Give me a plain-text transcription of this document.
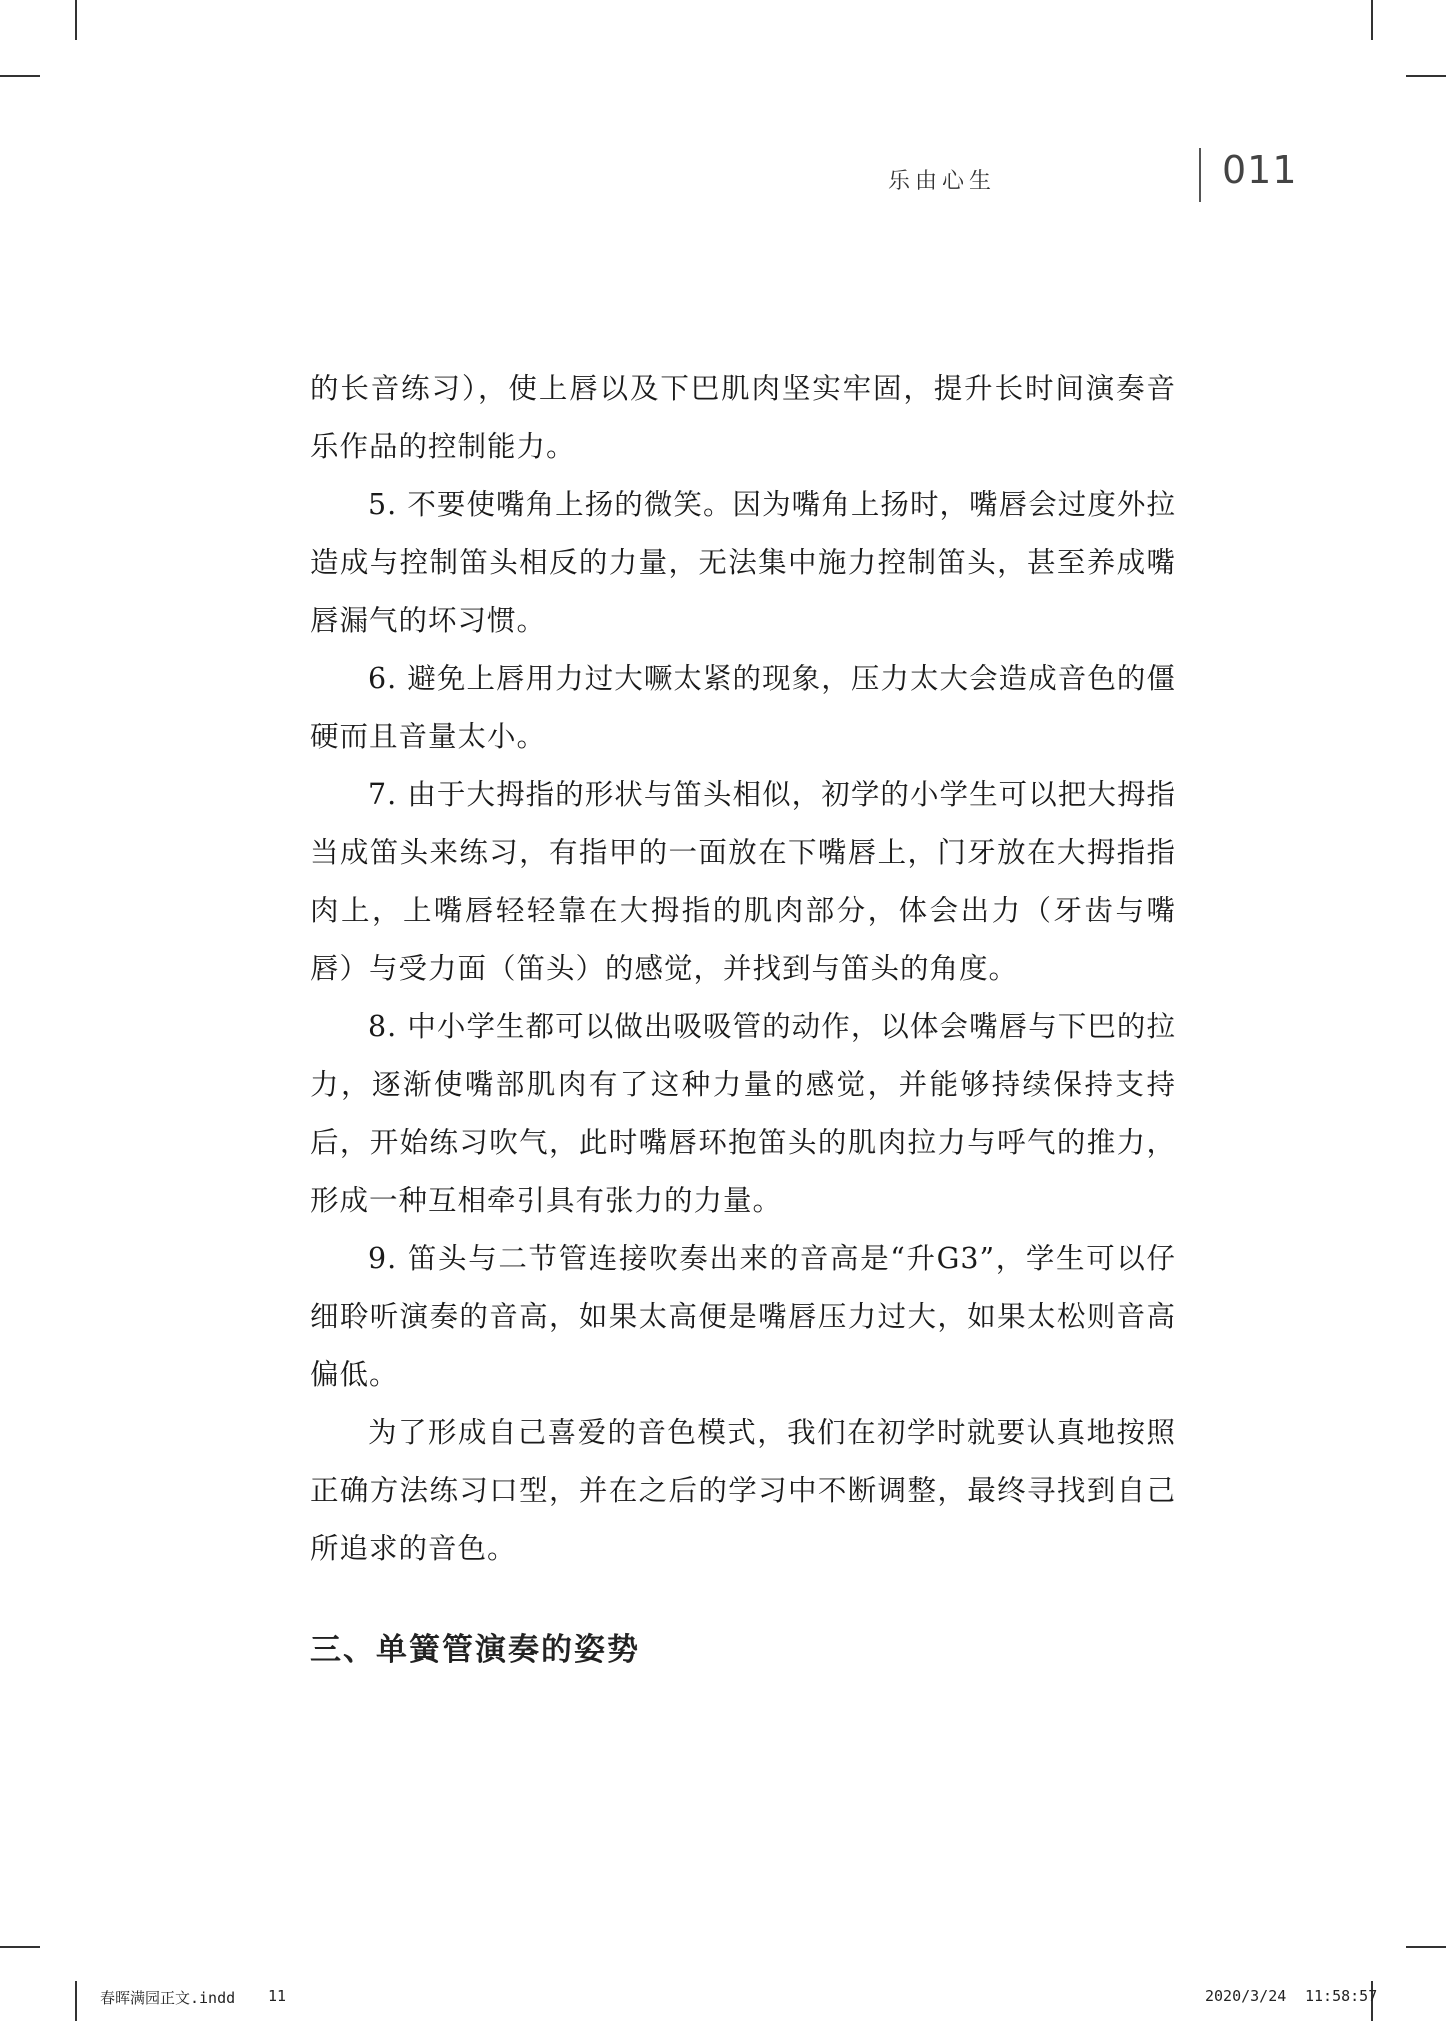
乐由心生	011

的长音练习），使上唇以及下巴肌肉坚实牢固，提升长时间演奏音乐作品的控制能力。

5. 不要使嘴角上扬的微笑。因为嘴角上扬时，嘴唇会过度外拉造成与控制笛头相反的力量，无法集中施力控制笛头，甚至养成嘴唇漏气的坏习惯。

6. 避免上唇用力过大噘太紧的现象，压力太大会造成音色的僵硬而且音量太小。

7. 由于大拇指的形状与笛头相似，初学的小学生可以把大拇指当成笛头来练习，有指甲的一面放在下嘴唇上，门牙放在大拇指指肉上，上嘴唇轻轻靠在大拇指的肌肉部分，体会出力（牙齿与嘴唇）与受力面（笛头）的感觉，并找到与笛头的角度。

8. 中小学生都可以做出吸吸管的动作，以体会嘴唇与下巴的拉力，逐渐使嘴部肌肉有了这种力量的感觉，并能够持续保持支持后，开始练习吹气，此时嘴唇环抱笛头的肌肉拉力与呼气的推力，形成一种互相牵引具有张力的力量。

9. 笛头与二节管连接吹奏出来的音高是“升G3”，学生可以仔细聆听演奏的音高，如果太高便是嘴唇压力过大，如果太松则音高偏低。

为了形成自己喜爱的音色模式，我们在初学时就要认真地按照正确方法练习口型，并在之后的学习中不断调整，最终寻找到自己所追求的音色。

三、单簧管演奏的姿势
春晖满园正文.indd 11	2020/3/24 11:58:57
